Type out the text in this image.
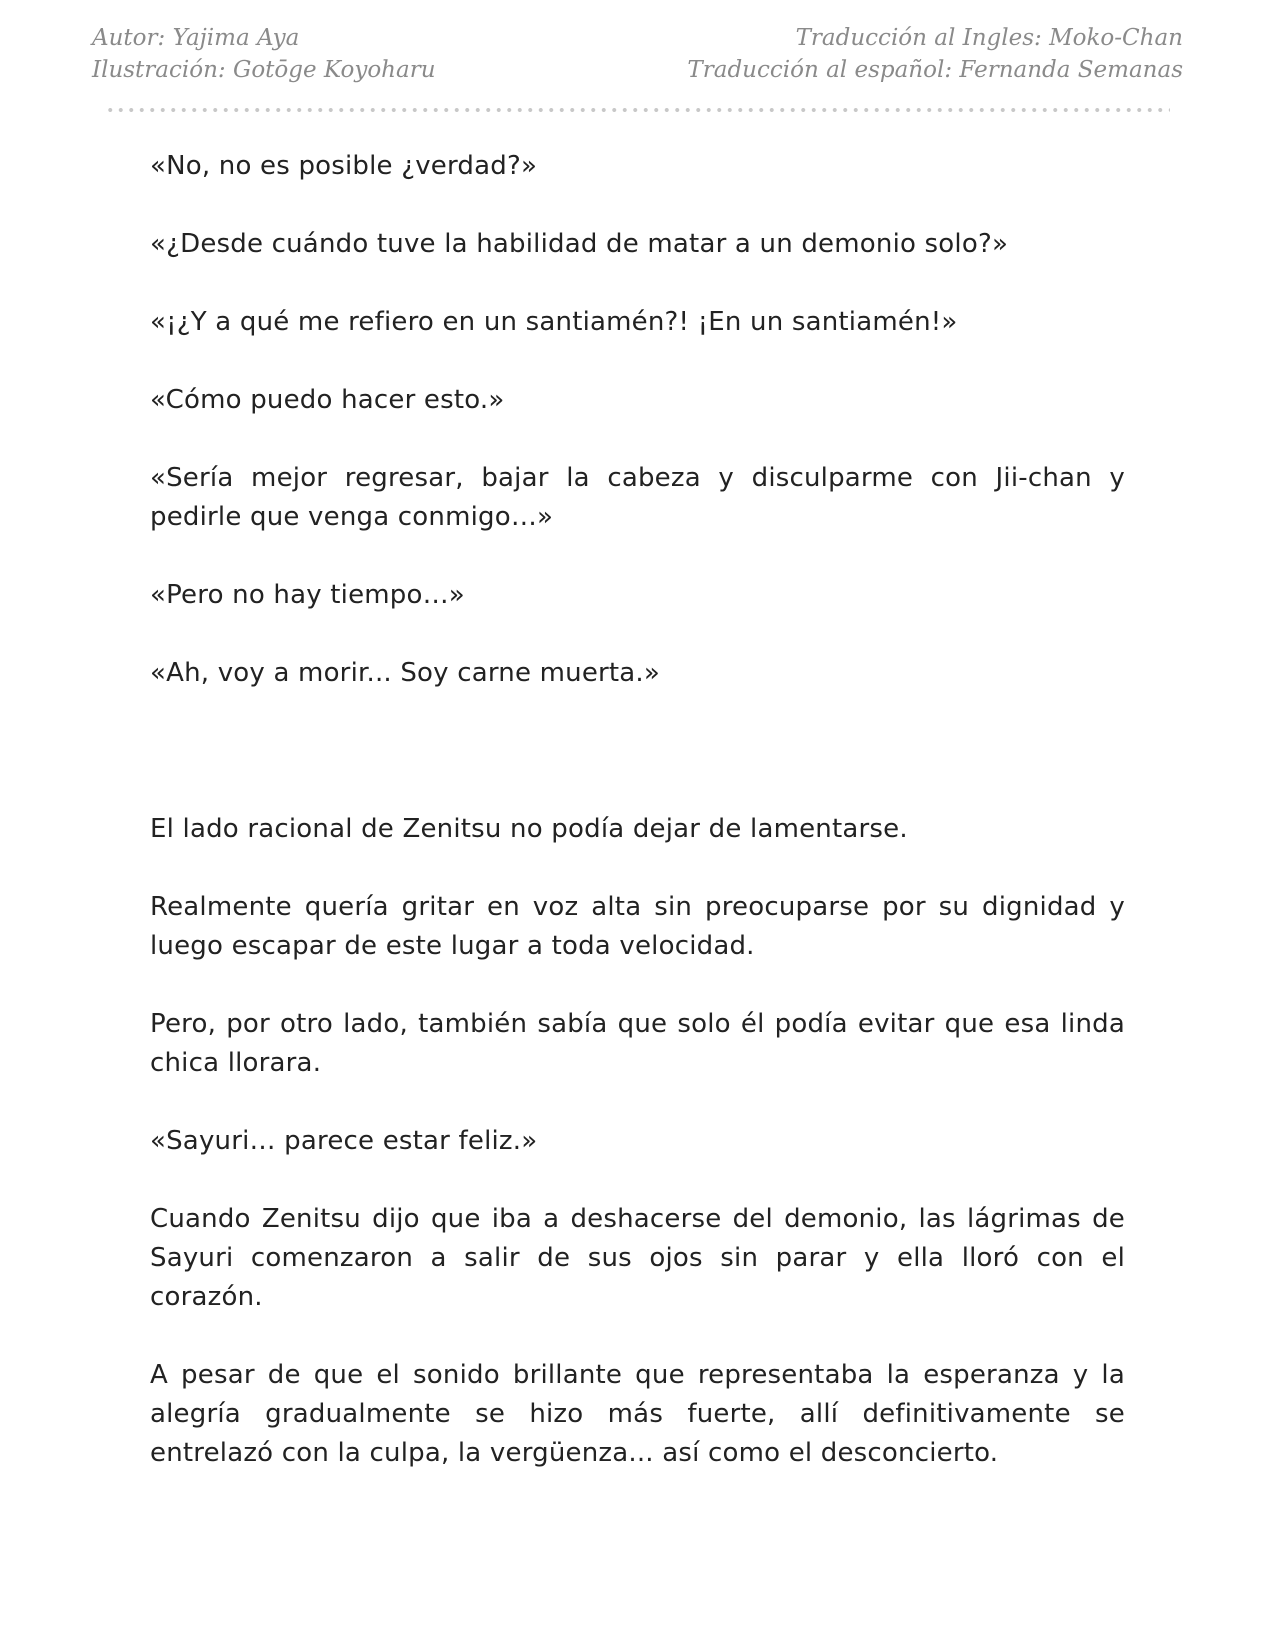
Autor: Yajima Aya
Ilustración: Gotōge Koyoharu
Traducción al Ingles: Moko-Chan
Traducción al español: Fernanda Semanas

«No, no es posible ¿verdad?»

«¿Desde cuándo tuve la habilidad de matar a un demonio solo?»

«¡¿Y a qué me refiero en un santiamén?! ¡En un santiamén!»

«Cómo puedo hacer esto.»

«Sería mejor regresar, bajar la cabeza y disculparme con Jii-chan y pedirle que venga conmigo…»

«Pero no hay tiempo…»

«Ah, voy a morir... Soy carne muerta.»

El lado racional de Zenitsu no podía dejar de lamentarse.

Realmente quería gritar en voz alta sin preocuparse por su dignidad y luego escapar de este lugar a toda velocidad.

Pero, por otro lado, también sabía que solo él podía evitar que esa linda chica llorara.

«Sayuri… parece estar feliz.»

Cuando Zenitsu dijo que iba a deshacerse del demonio, las lágrimas de Sayuri comenzaron a salir de sus ojos sin parar y ella lloró con el corazón.

A pesar de que el sonido brillante que representaba la esperanza y la alegría gradualmente se hizo más fuerte, allí definitivamente se entrelazó con la culpa, la vergüenza... así como el desconcierto.
